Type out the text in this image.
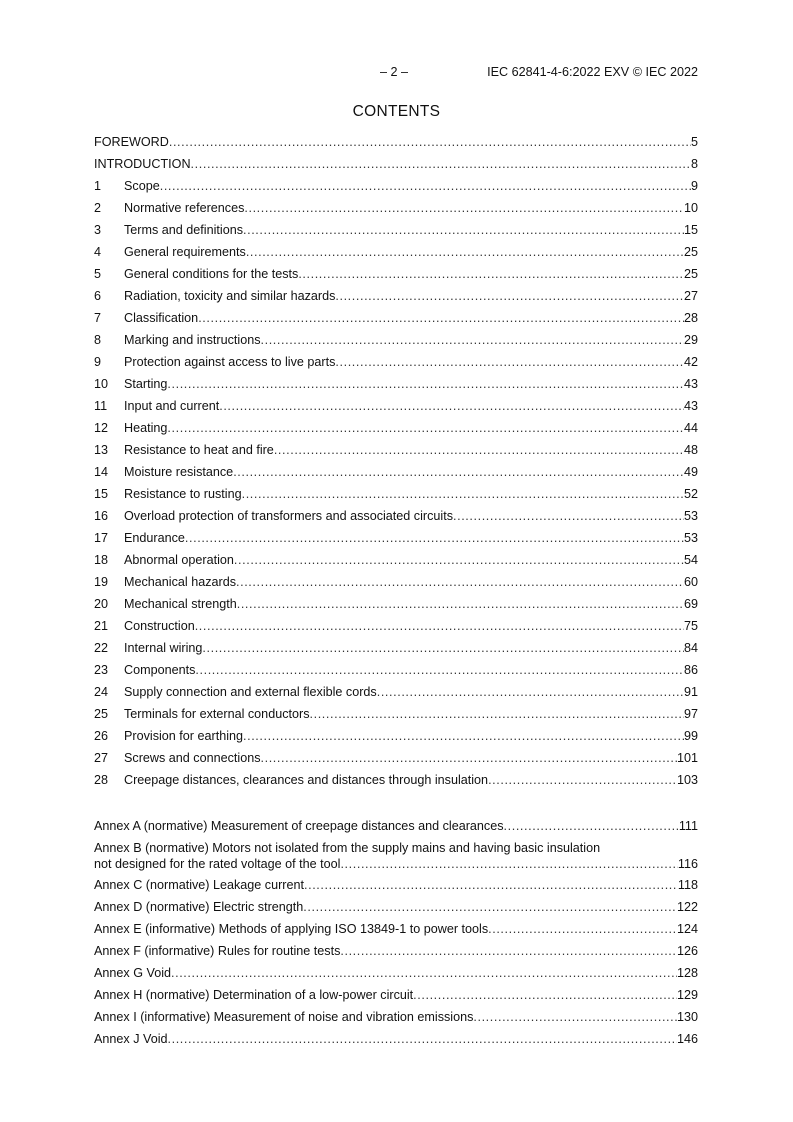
– 2 –	IEC 62841-4-6:2022 EXV © IEC 2022
CONTENTS
FOREWORD .....	5
INTRODUCTION .....	8
1	Scope .....	9
2	Normative references .....	10
3	Terms and definitions .....	15
4	General requirements .....	25
5	General conditions for the tests .....	25
6	Radiation, toxicity and similar hazards .....	27
7	Classification .....	28
8	Marking and instructions .....	29
9	Protection against access to live parts .....	42
10	Starting .....	43
11	Input and current .....	43
12	Heating .....	44
13	Resistance to heat and fire .....	48
14	Moisture resistance .....	49
15	Resistance to rusting .....	52
16	Overload protection of transformers and associated circuits .....	53
17	Endurance .....	53
18	Abnormal operation .....	54
19	Mechanical hazards .....	60
20	Mechanical strength .....	69
21	Construction .....	75
22	Internal wiring .....	84
23	Components .....	86
24	Supply connection and external flexible cords .....	91
25	Terminals for external conductors .....	97
26	Provision for earthing .....	99
27	Screws and connections .....	101
28	Creepage distances, clearances and distances through insulation .....	103
Annex A (normative) Measurement of creepage distances and clearances .....	111
Annex B (normative) Motors not isolated from the supply mains and having basic insulation
not designed for the rated voltage of the tool .....	116
Annex C (normative) Leakage current .....	118
Annex D (normative) Electric strength .....	122
Annex E (informative) Methods of applying ISO 13849-1 to power tools .....	124
Annex F (informative) Rules for routine tests .....	126
Annex G Void .....	128
Annex H (normative) Determination of a low-power circuit .....	129
Annex I (informative) Measurement of noise and vibration emissions .....	130
Annex J Void .....	146
